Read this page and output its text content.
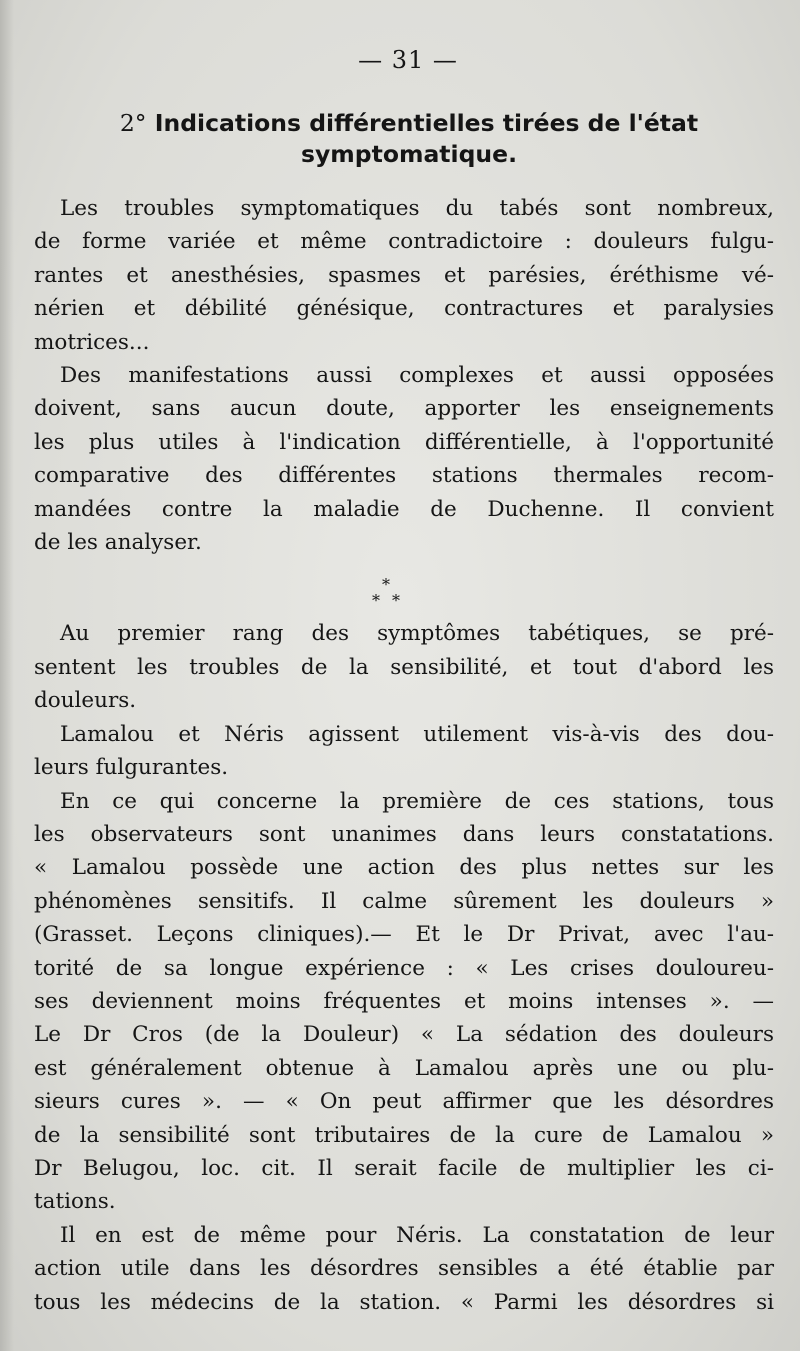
— 31 —
2° Indications différentielles tirées de l'état
symptomatique.
Les troubles symptomatiques du tabés sont nombreux,
de forme variée et même contradictoire : douleurs fulgu-
rantes et anesthésies, spasmes et parésies, éréthisme vé-
nérien et débilité génésique, contractures et paralysies
motrices...
Des manifestations aussi complexes et aussi opposées
doivent, sans aucun doute, apporter les enseignements
les plus utiles à l'indication différentielle, à l'opportunité
comparative des différentes stations thermales recom-
mandées contre la maladie de Duchenne. Il convient
de les analyser.
*
* *
Au premier rang des symptômes tabétiques, se pré-
sentent les troubles de la sensibilité, et tout d'abord les
douleurs.
Lamalou et Néris agissent utilement vis-à-vis des dou-
leurs fulgurantes.
En ce qui concerne la première de ces stations, tous
les observateurs sont unanimes dans leurs constatations.
« Lamalou possède une action des plus nettes sur les
phénomènes sensitifs. Il calme sûrement les douleurs »
(Grasset. Leçons cliniques).— Et le Dr Privat, avec l'au-
torité de sa longue expérience : « Les crises douloureu-
ses deviennent moins fréquentes et moins intenses ». —
Le Dr Cros (de la Douleur) « La sédation des douleurs
est généralement obtenue à Lamalou après une ou plu-
sieurs cures ». — « On peut affirmer que les désordres
de la sensibilité sont tributaires de la cure de Lamalou »
Dr Belugou, loc. cit. Il serait facile de multiplier les ci-
tations.
Il en est de même pour Néris. La constatation de leur
action utile dans les désordres sensibles a été établie par
tous les médecins de la station. « Parmi les désordres si
